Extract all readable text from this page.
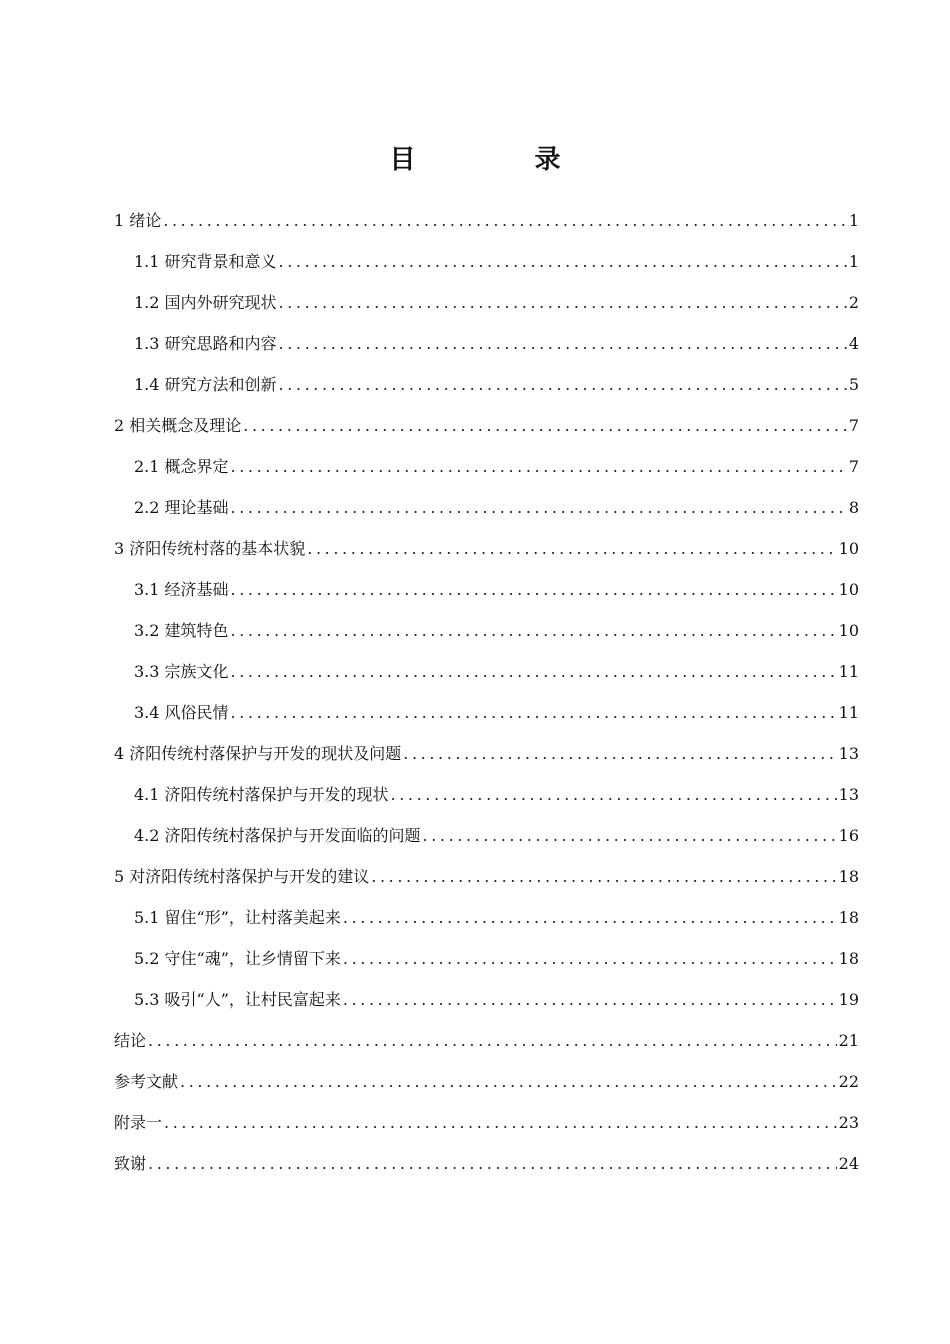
目 录
1 绪论 .....	1
1.1 研究背景和意义 .....	1
1.2 国内外研究现状 .....	2
1.3 研究思路和内容 .....	4
1.4 研究方法和创新 .....	5
2 相关概念及理论 .....	7
2.1 概念界定 .....	7
2.2 理论基础 .....	8
3 济阳传统村落的基本状貌 .....	10
3.1 经济基础 .....	10
3.2 建筑特色 .....	10
3.3 宗族文化 .....	11
3.4 风俗民情 .....	11
4 济阳传统村落保护与开发的现状及问题 .....	13
4.1 济阳传统村落保护与开发的现状 .....	13
4.2 济阳传统村落保护与开发面临的问题 .....	16
5 对济阳传统村落保护与开发的建议 .....	18
5.1 留住“形”，让村落美起来 .....	18
5.2 守住“魂”，让乡情留下来 .....	18
5.3 吸引“人”，让村民富起来 .....	19
结论 .....	21
参考文献 .....	22
附录一 .....	23
致谢 .....	24
